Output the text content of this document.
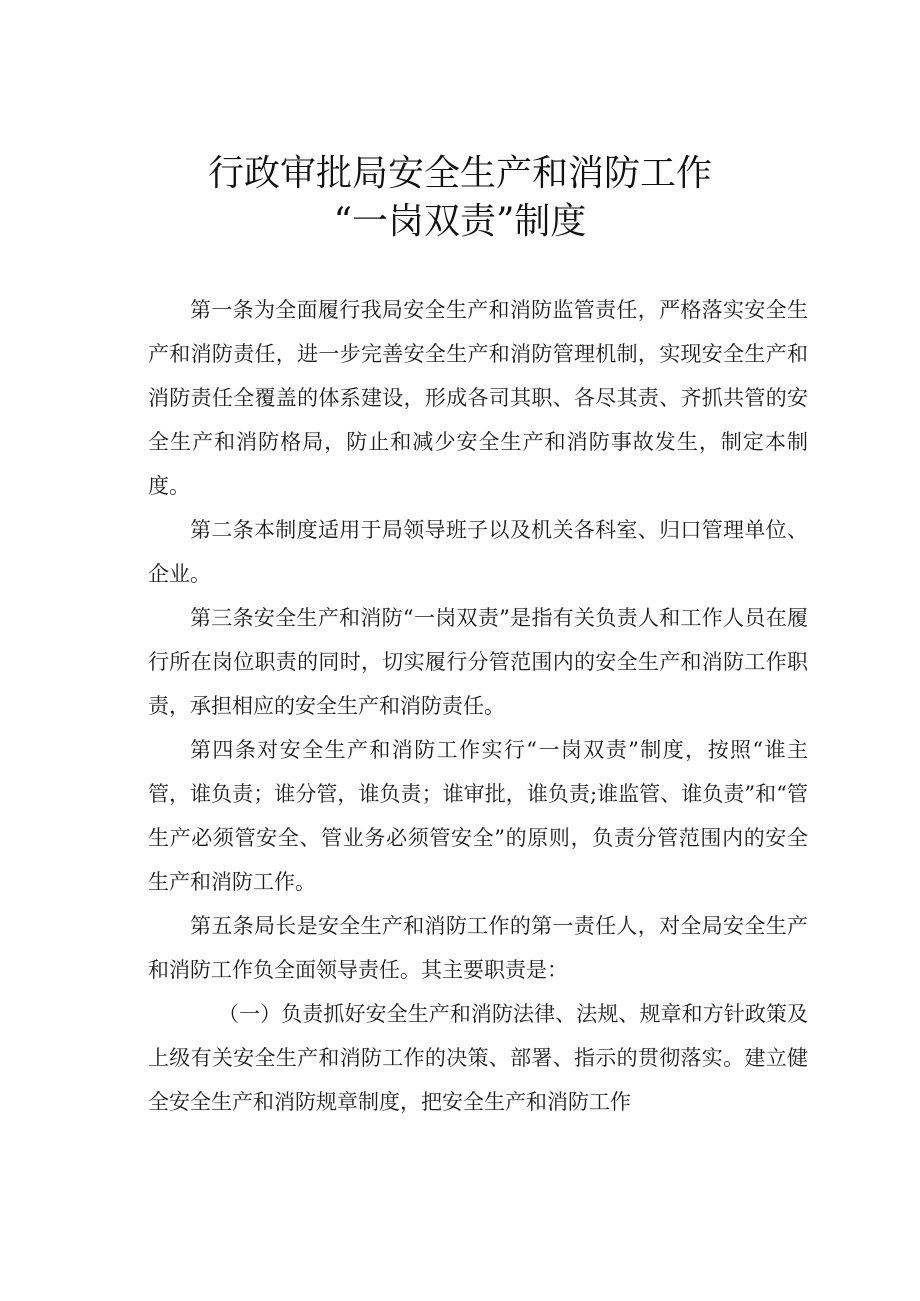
行政审批局安全生产和消防工作
“一岗双责”制度

第一条为全面履行我局安全生产和消防监管责任，严格落实安全生产和消防责任，进一步完善安全生产和消防管理机制，实现安全生产和消防责任全覆盖的体系建设，形成各司其职、各尽其责、齐抓共管的安全生产和消防格局，防止和减少安全生产和消防事故发生，制定本制度。

第二条本制度适用于局领导班子以及机关各科室、归口管理单位、企业。

第三条安全生产和消防“一岗双责”是指有关负责人和工作人员在履行所在岗位职责的同时，切实履行分管范围内的安全生产和消防工作职责，承担相应的安全生产和消防责任。

第四条对安全生产和消防工作实行“一岗双责”制度，按照“谁主管，谁负责；谁分管，谁负责；谁审批，谁负责;谁监管、谁负责”和“管生产必须管安全、管业务必须管安全”的原则，负责分管范围内的安全生产和消防工作。

第五条局长是安全生产和消防工作的第一责任人，对全局安全生产和消防工作负全面领导责任。其主要职责是：

（一）负责抓好安全生产和消防法律、法规、规章和方针政策及上级有关安全生产和消防工作的决策、部署、指示的贯彻落实。建立健全安全生产和消防规章制度，把安全生产和消防工作
